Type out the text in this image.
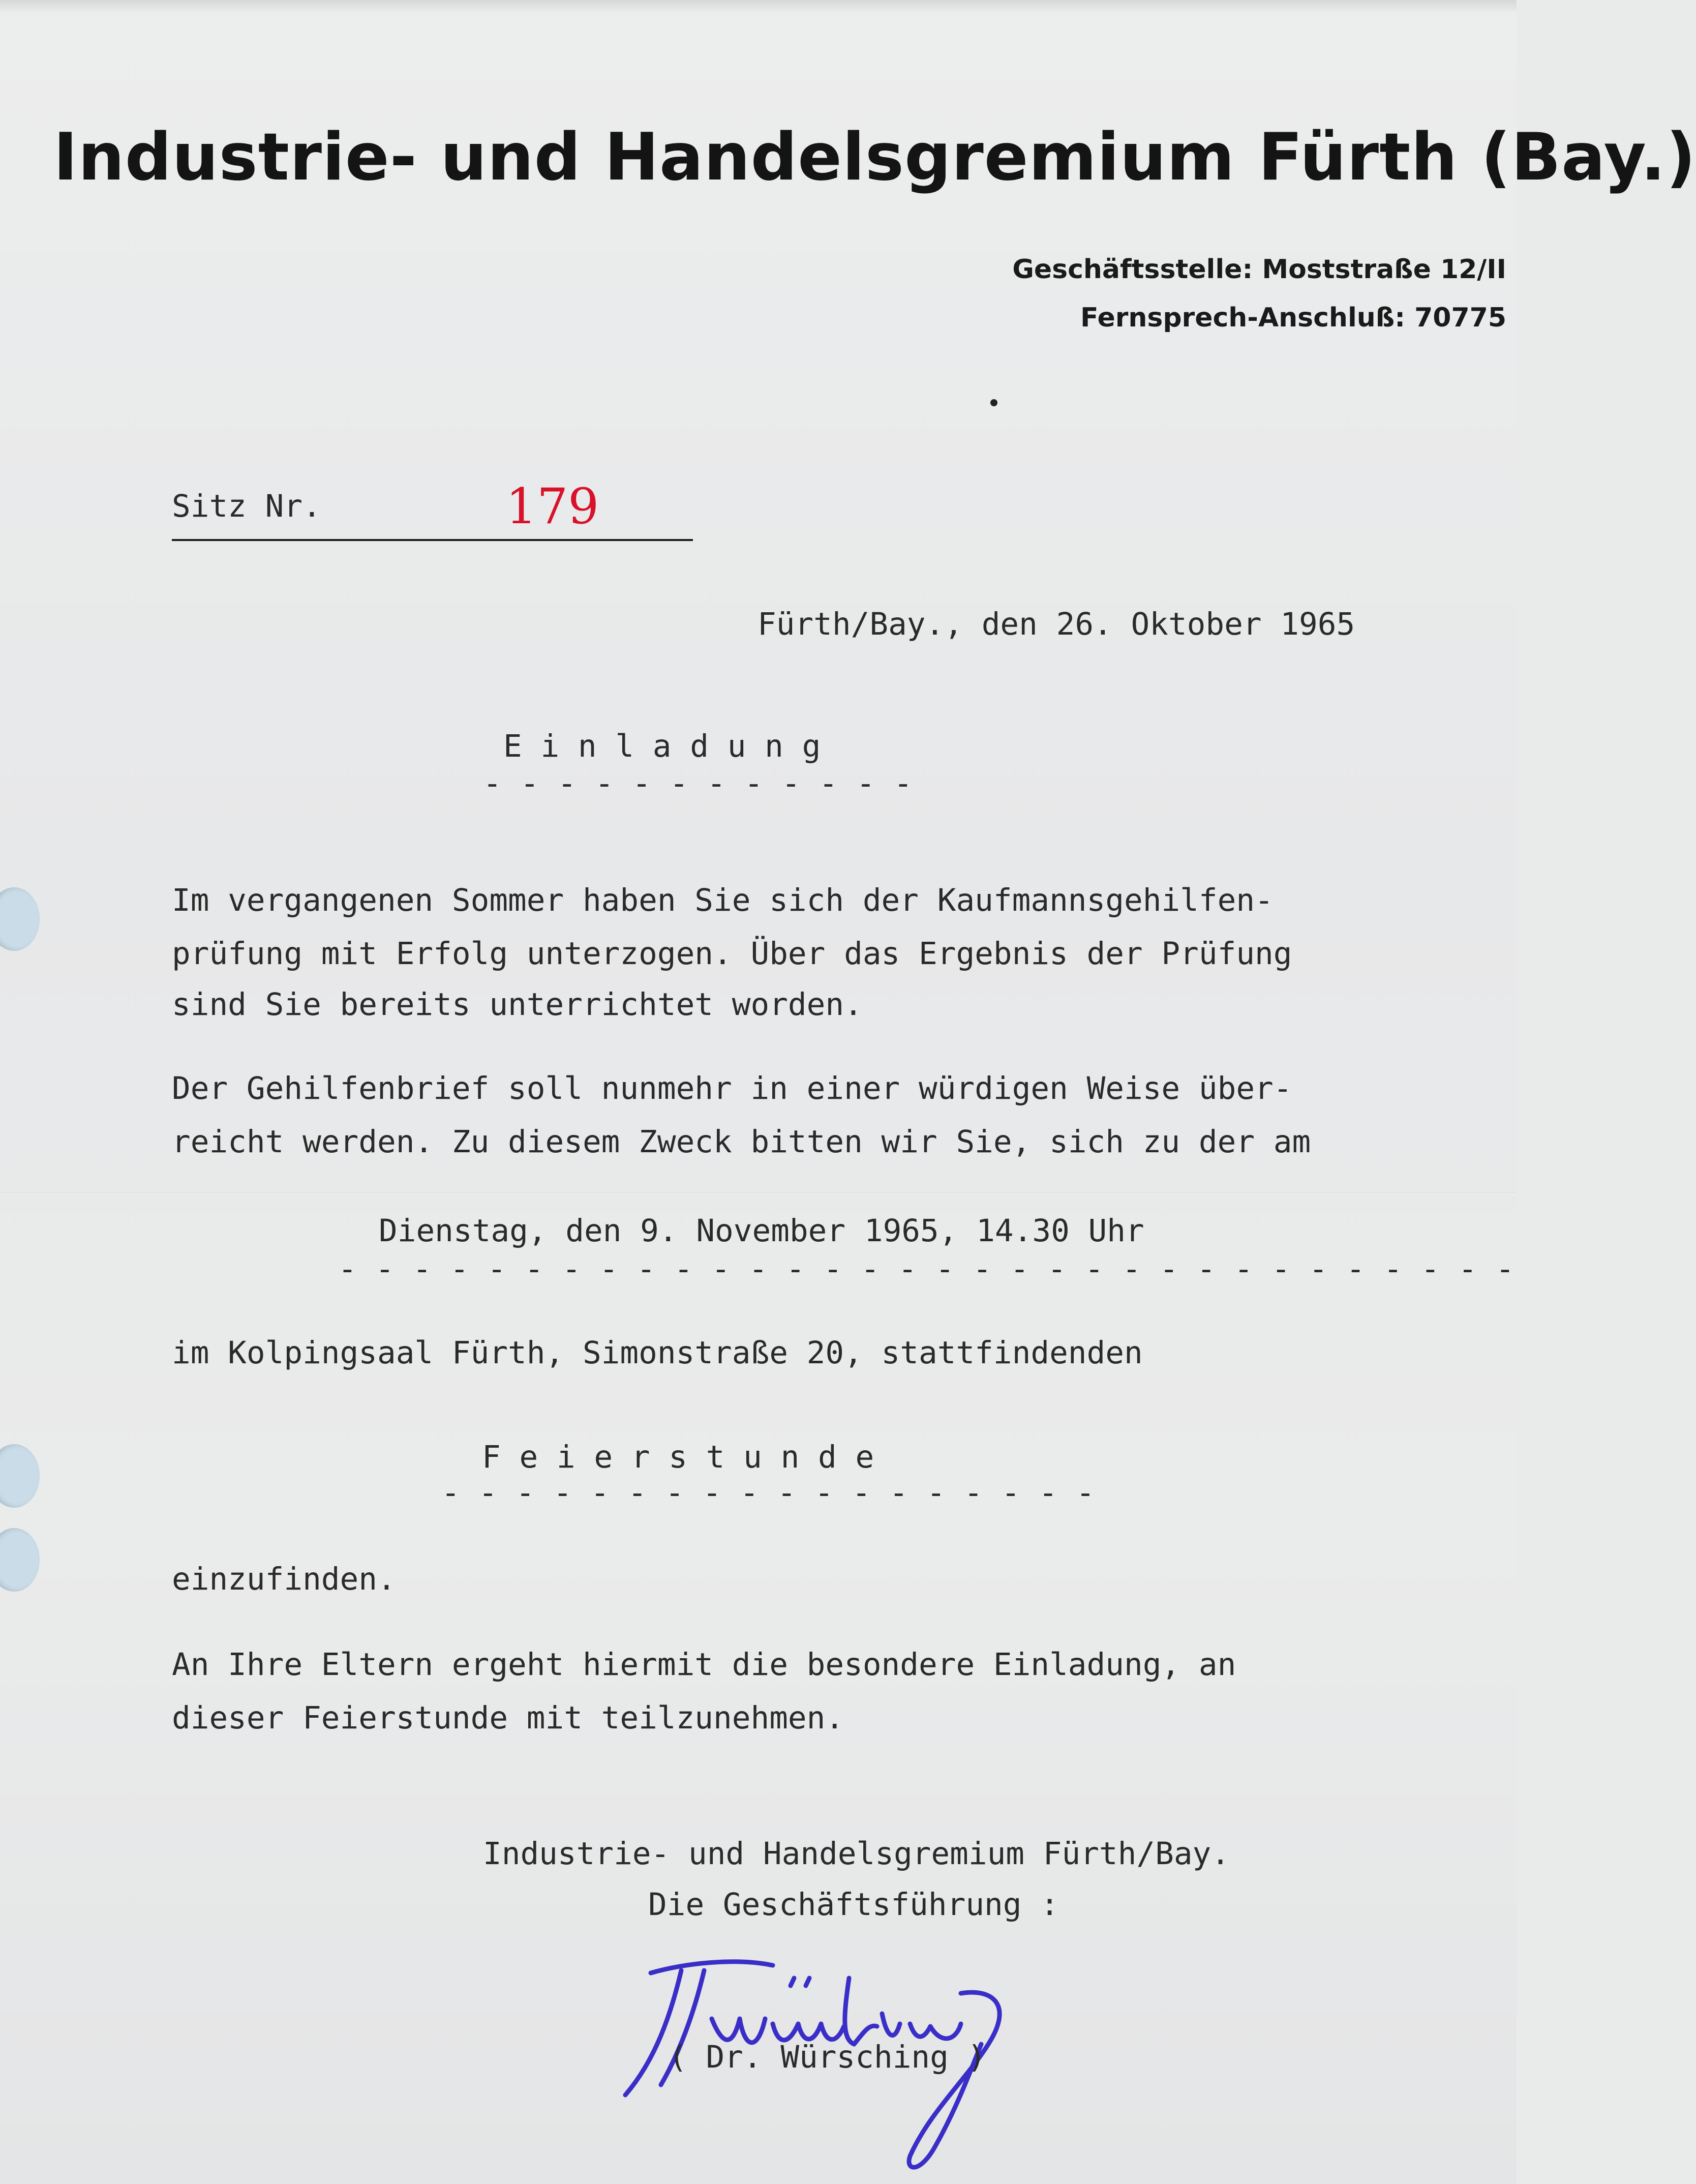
Industrie- und Handelsgremium Fürth (Bay.)
Geschäftsstelle: Moststraße 12/II
Fernsprech-Anschluß: 70775
Sitz Nr.	179
Fürth/Bay., den 26. Oktober 1965
E i n l a d u n g
- - - - - - - - - - - -
Im vergangenen Sommer haben Sie sich der Kaufmannsgehilfen-
prüfung mit Erfolg unterzogen. Über das Ergebnis der Prüfung
sind Sie bereits unterrichtet worden.
Der Gehilfenbrief soll nunmehr in einer würdigen Weise über-
reicht werden. Zu diesem Zweck bitten wir Sie, sich zu der am
Dienstag, den 9. November 1965, 14.30 Uhr
- - - - - - - - - - - - - - - - - - - - - - - - - - - - - - - -
im Kolpingsaal Fürth, Simonstraße 20, stattfindenden
F e i e r s t u n d e
- - - - - - - - - - - - - - - - - -
einzufinden.
An Ihre Eltern ergeht hiermit die besondere Einladung, an
dieser Feierstunde mit teilzunehmen.
Industrie- und Handelsgremium Fürth/Bay.
Die Geschäftsführung :
( Dr. Würsching )
